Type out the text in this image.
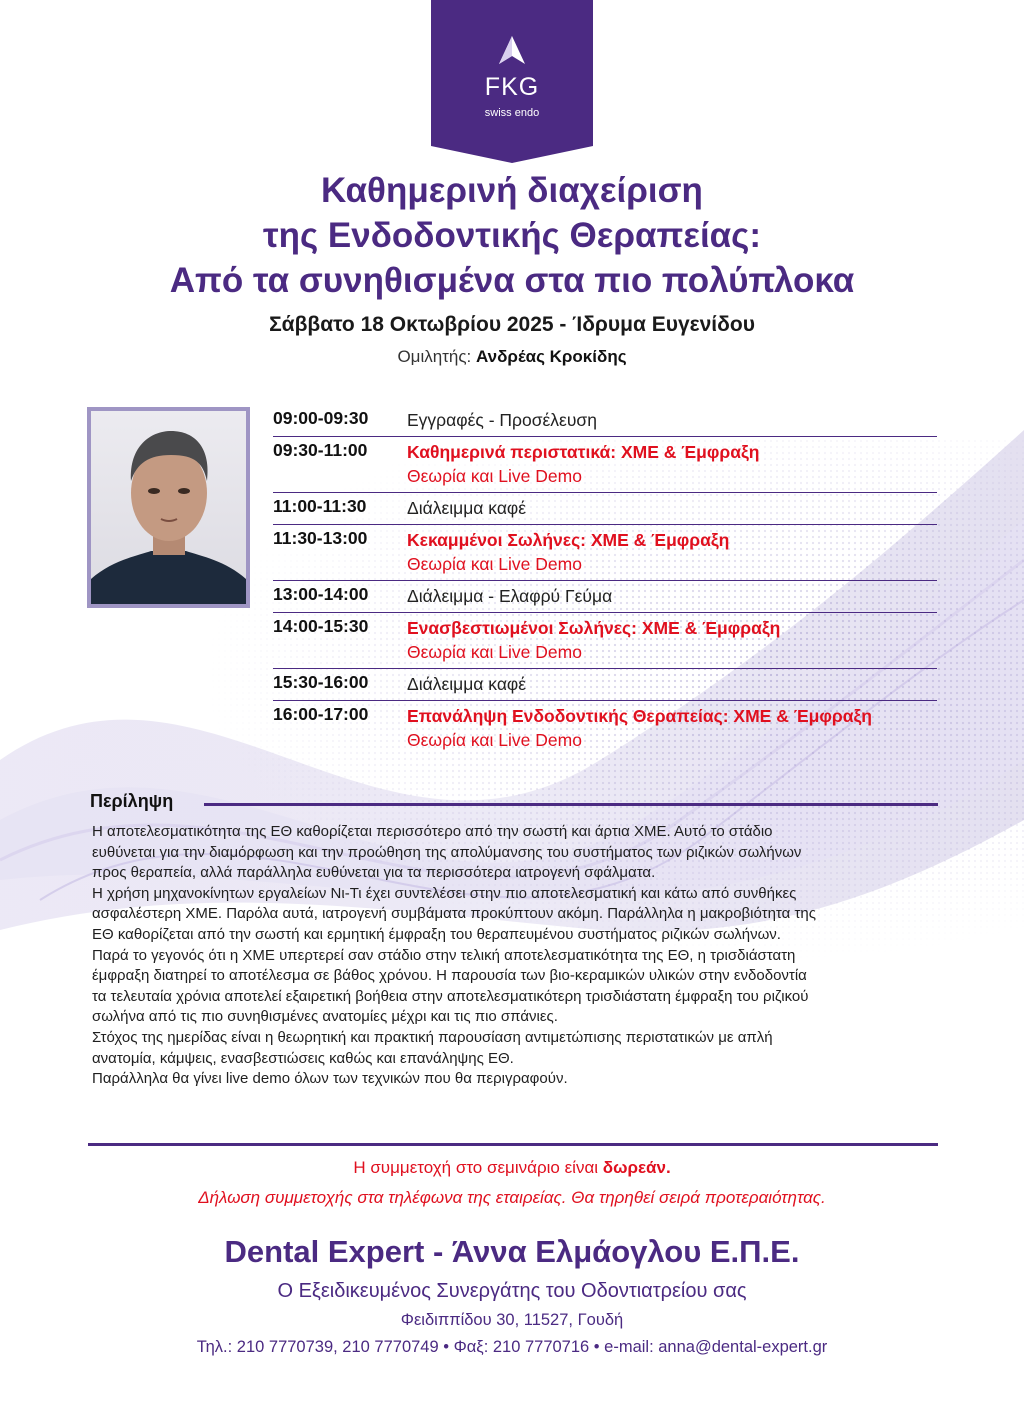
FKG
swiss endo
Καθημερινή διαχείριση
της Ενδοδοντικής Θεραπείας:
Από τα συνηθισμένα στα πιο πολύπλοκα
Σάββατο 18 Οκτωβρίου 2025 - Ίδρυμα Ευγενίδου
Ομιλητής: Ανδρέας Κροκίδης
09:00-09:30	Εγγραφές - Προσέλευση
09:30-11:00	Καθημερινά περιστατικά: ΧΜΕ & Έμφραξη
Θεωρία και Live Demo
11:00-11:30	Διάλειμμα καφέ
11:30-13:00	Κεκαμμένοι Σωλήνες: ΧΜΕ & Έμφραξη
Θεωρία και Live Demo
13:00-14:00	Διάλειμμα - Ελαφρύ Γεύμα
14:00-15:30	Ενασβεστιωμένοι Σωλήνες: ΧΜΕ & Έμφραξη
Θεωρία και Live Demo
15:30-16:00	Διάλειμμα καφέ
16:00-17:00	Επανάληψη Ενδοδοντικής Θεραπείας: ΧΜΕ & Έμφραξη
Θεωρία και Live Demo
Περίληψη
Η αποτελεσματικότητα της ΕΘ καθορίζεται περισσότερο από την σωστή και άρτια ΧΜΕ. Αυτό το στάδιο
ευθύνεται για την διαμόρφωση και την προώθηση της απολύμανσης του συστήματος των ριζικών σωλήνων
προς θεραπεία, αλλά παράλληλα ευθύνεται για τα περισσότερα ιατρογενή σφάλματα.
Η χρήση μηχανοκίνητων εργαλείων Νι-Τι έχει συντελέσει στην πιο αποτελεσματική και κάτω από συνθήκες
ασφαλέστερη ΧΜΕ. Παρόλα αυτά, ιατρογενή συμβάματα προκύπτουν ακόμη. Παράλληλα η μακροβιότητα της
ΕΘ καθορίζεται από την σωστή και ερμητική έμφραξη του θεραπευμένου συστήματος ριζικών σωλήνων.
Παρά το γεγονός ότι η ΧΜΕ υπερτερεί σαν στάδιο στην τελική αποτελεσματικότητα της ΕΘ, η τρισδιάστατη
έμφραξη διατηρεί το αποτέλεσμα σε βάθος χρόνου. Η παρουσία των βιο-κεραμικών υλικών στην ενδοδοντία
τα τελευταία χρόνια αποτελεί εξαιρετική βοήθεια στην αποτελεσματικότερη τρισδιάστατη έμφραξη του ριζικού
σωλήνα από τις πιο συνηθισμένες ανατομίες μέχρι και τις πιο σπάνιες.
Στόχος της ημερίδας είναι η θεωρητική και πρακτική παρουσίαση αντιμετώπισης περιστατικών με απλή
ανατομία, κάμψεις, ενασβεστιώσεις καθώς και επανάληψης ΕΘ.
Παράλληλα θα γίνει live demo όλων των τεχνικών που θα περιγραφούν.
Η συμμετοχή στο σεμινάριο είναι δωρεάν.
Δήλωση συμμετοχής στα τηλέφωνα της εταιρείας. Θα τηρηθεί σειρά προτεραιότητας.
Dental Expert - Άννα Ελμάογλου Ε.Π.Ε.
Ο Εξειδικευμένος Συνεργάτης του Οδοντιατρείου σας
Φειδιππίδου 30, 11527, Γουδή
Τηλ.: 210 7770739, 210 7770749 • Φαξ: 210 7770716 • e-mail: anna@dental-expert.gr
